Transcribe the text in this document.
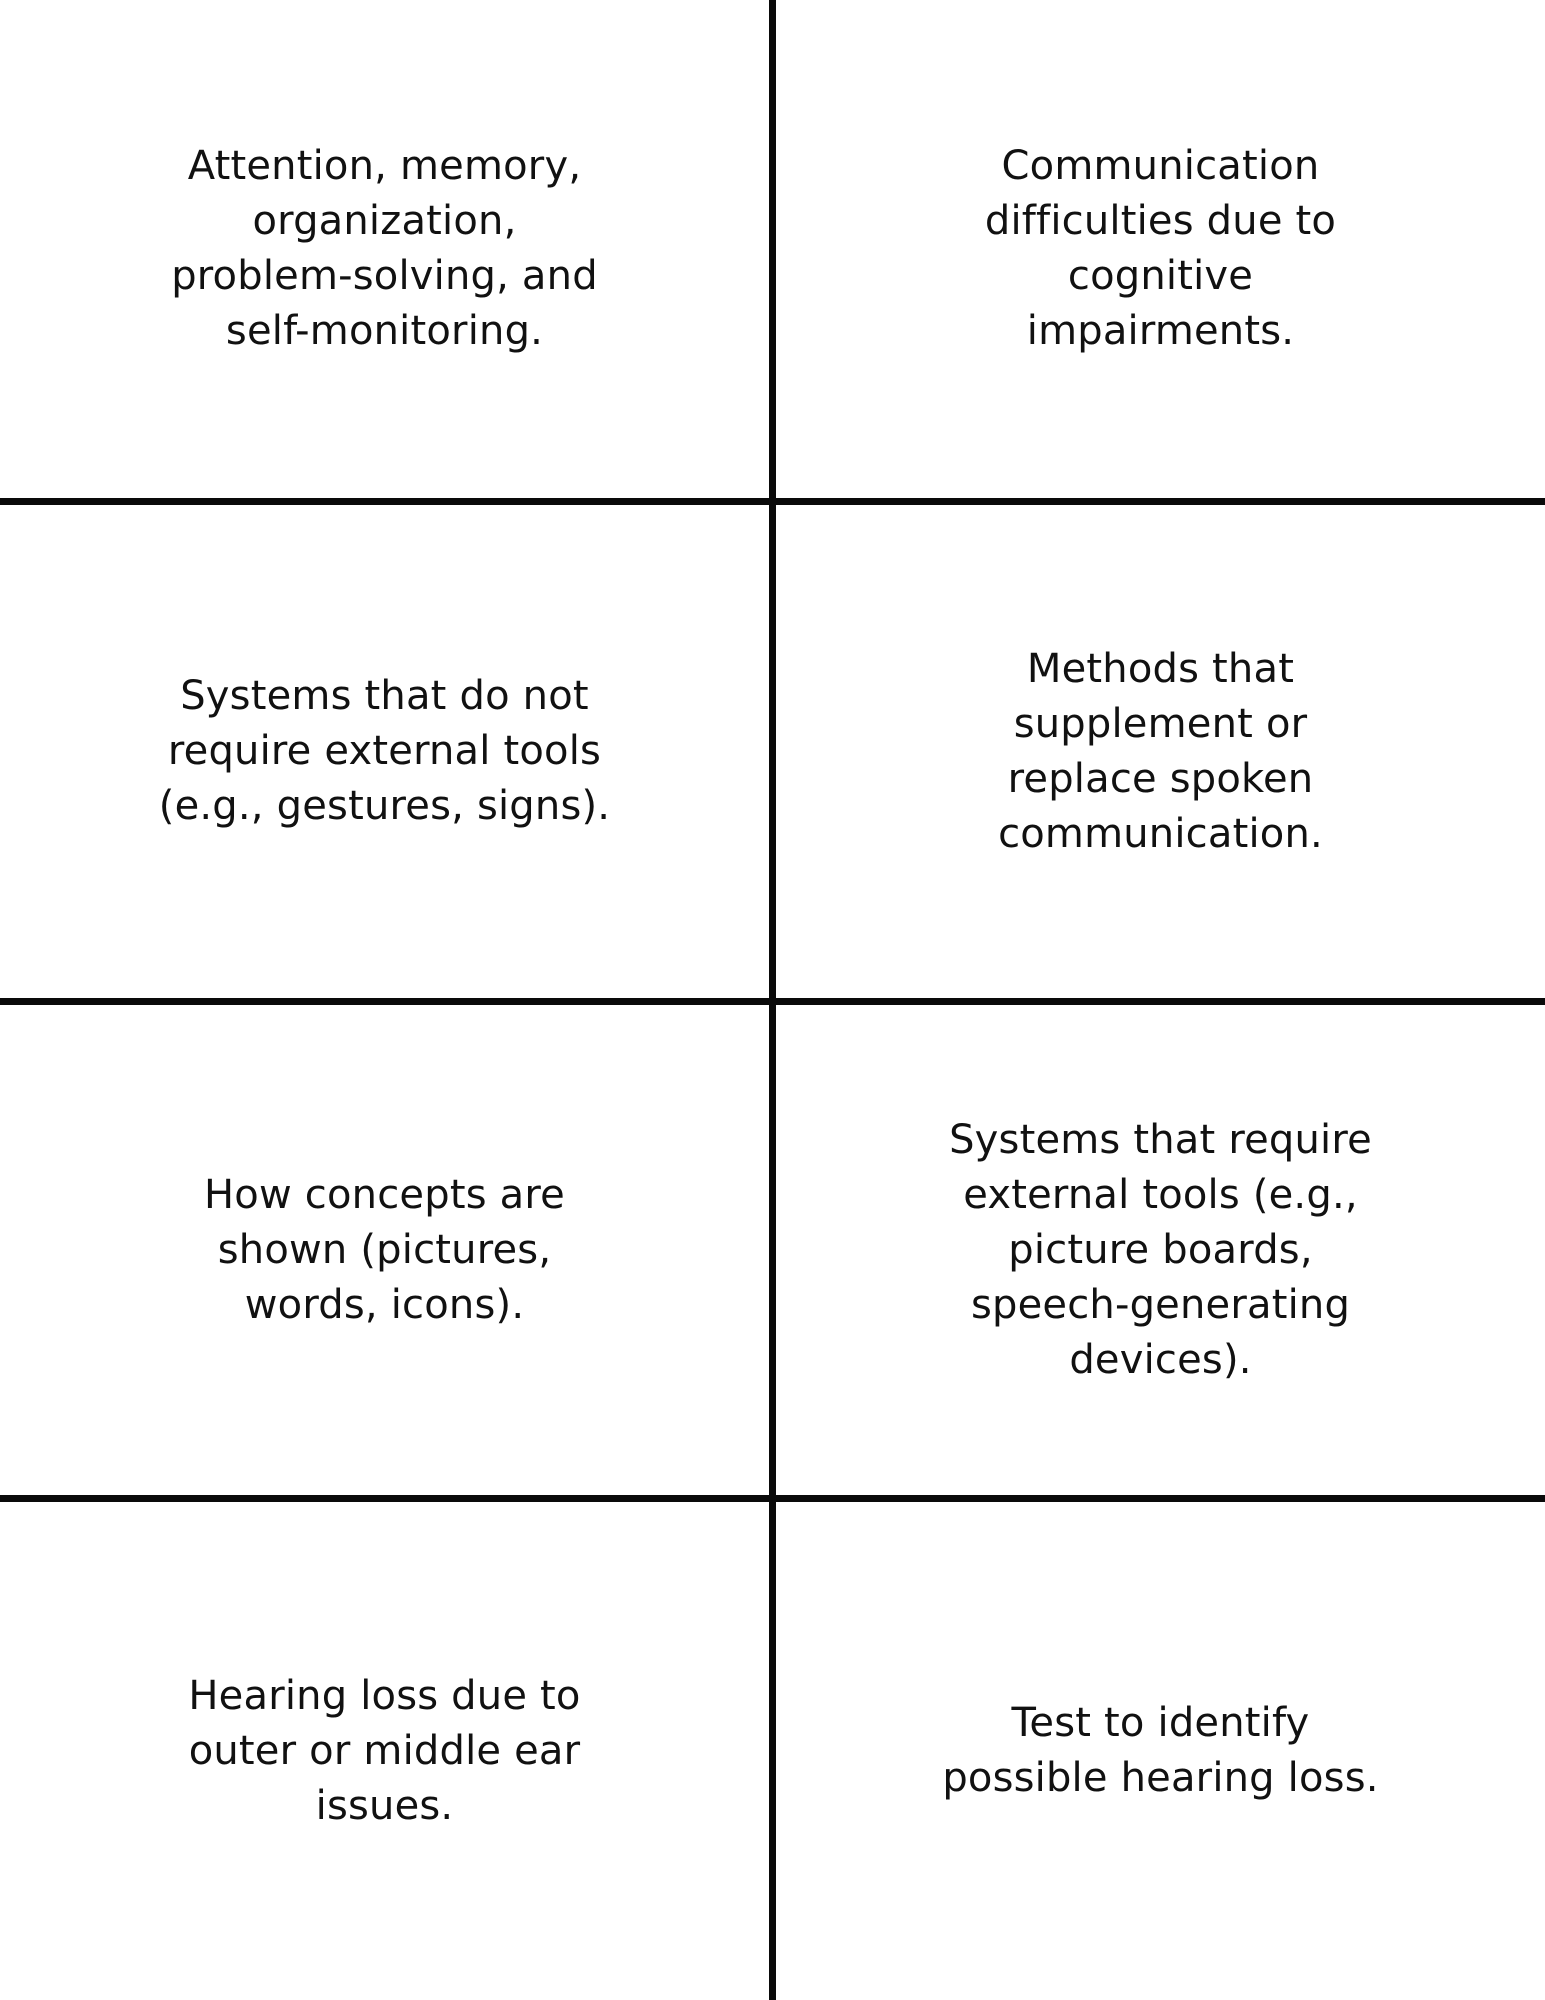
Attention, memory,
organization,
problem-solving, and
self-monitoring.
Communication
difficulties due to
cognitive
impairments.
Systems that do not
require external tools
(e.g., gestures, signs).
Methods that
supplement or
replace spoken
communication.
How concepts are
shown (pictures,
words, icons).
Systems that require
external tools (e.g.,
picture boards,
speech-generating
devices).
Hearing loss due to
outer or middle ear
issues.
Test to identify
possible hearing loss.
